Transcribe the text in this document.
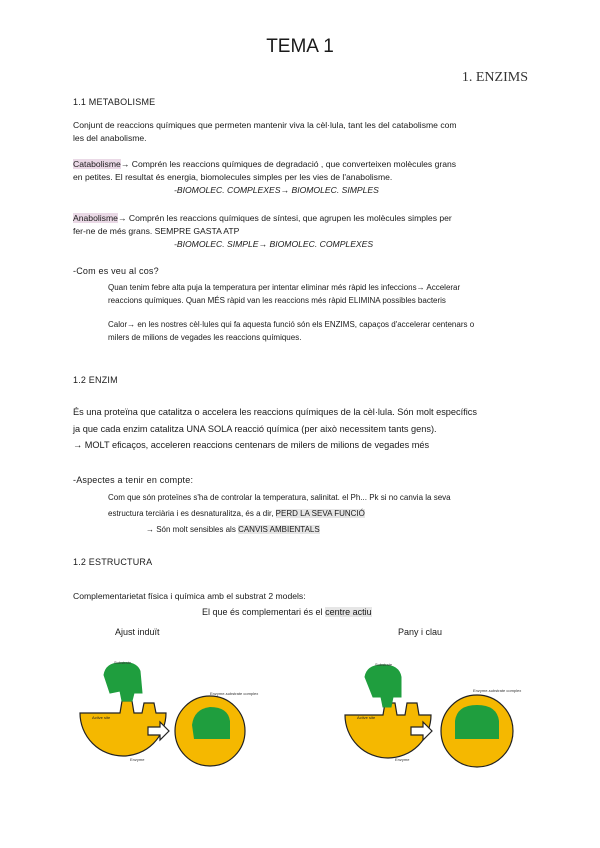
TEMA 1
1. ENZIMS
1.1 METABOLISME
Conjunt de reaccions químiques que permeten mantenir viva la cèl·lula, tant les del catabolisme com
les del anabolisme.
Catabolisme→ Comprén les reaccions químiques de degradació , que converteixen molècules grans
en petites. El resultat és energia, biomolecules simples per les vies de l'anabolisme.
-BIOMOLEC. COMPLEXES→ BIOMOLEC. SIMPLES
Anabolisme→ Comprén les reaccions químiques de síntesi, que agrupen les molècules simples per
fer-ne de més grans. SEMPRE GASTA ATP
-BIOMOLEC. SIMPLE→ BIOMOLEC. COMPLEXES
-Com es veu al cos?
Quan tenim febre alta puja la temperatura per intentar eliminar més ràpid les infeccions→ Accelerar
reaccions químiques. Quan MÉS ràpid van les reaccions més ràpid ELIMINA possibles bacteris
Calor→ en les nostres cèl·lules qui fa aquesta funció són els ENZIMS, capaços d'accelerar centenars o
milers de milions de vegades les reaccions químiques.
1.2 ENZIM
És una proteïna que catalitza o accelera les reaccions químiques de la cèl·lula. Són molt específics
ja que cada enzim catalitza UNA SOLA reacció química (per això necessitem tants gens).
→ MOLT eficaços, acceleren reaccions centenars de milers de milions de vegades més
-Aspectes a tenir en compte:
Com que són proteïnes s'ha de controlar la temperatura, salinitat. el Ph... Pk si no canvia la seva
estructura terciària i es desnaturalitza, és a dir, PERD LA SEVA FUNCIÓ
→ Són molt sensibles als CANVIS AMBIENTALS
1.2 ESTRUCTURA
Complementarietat física i química amb el substrat 2 models:
El que és complementari és el centre actiu
Ajust induït	Pany i clau
Substrate
Active site
Enzyme
Enzyme-substrate complex
Substrate
Active site
Enzyme
Enzyme-substrate complex
